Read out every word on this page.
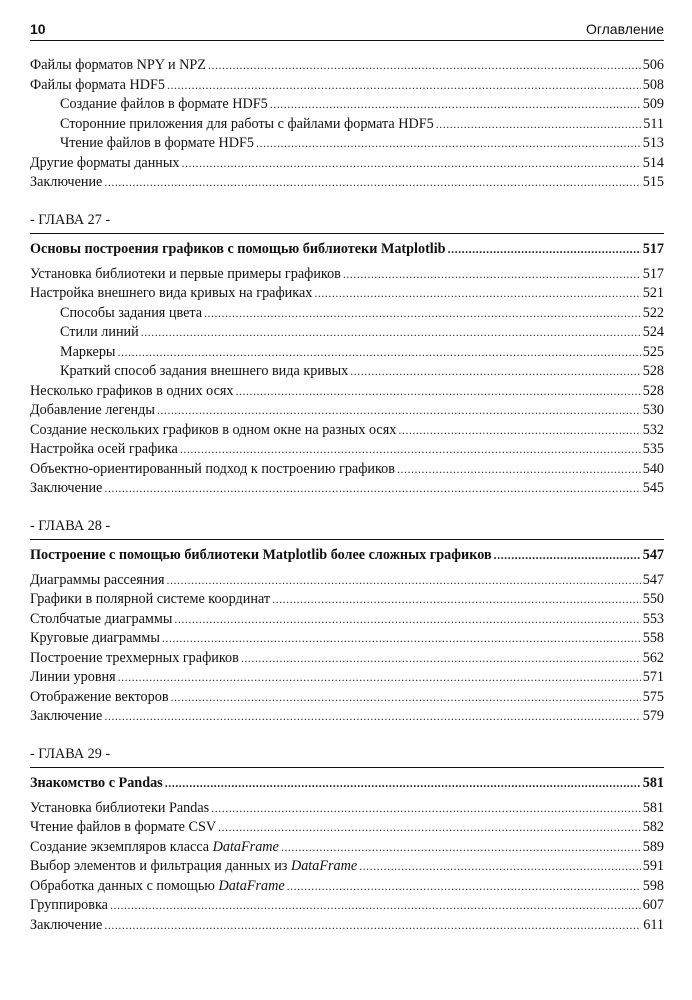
10	Оглавление
Файлы форматов NPY и NPZ .....	506
Файлы формата HDF5 .....	508
Создание файлов в формате HDF5 .....	509
Сторонние приложения для работы с файлами формата HDF5 .....	511
Чтение файлов в формате HDF5 .....	513
Другие форматы данных .....	514
Заключение .....	515
- ГЛАВА 27 -
Основы построения графиков с помощью библиотеки Matplotlib .....	517
Установка библиотеки и первые примеры графиков .....	517
Настройка внешнего вида кривых на графиках .....	521
Способы задания цвета .....	522
Стили линий .....	524
Маркеры .....	525
Краткий способ задания внешнего вида кривых .....	528
Несколько графиков в одних осях .....	528
Добавление легенды .....	530
Создание нескольких графиков в одном окне на разных осях .....	532
Настройка осей графика .....	535
Объектно-ориентированный подход к построению графиков .....	540
Заключение .....	545
- ГЛАВА 28 -
Построение с помощью библиотеки Matplotlib более сложных графиков .....	547
Диаграммы рассеяния .....	547
Графики в полярной системе координат .....	550
Столбчатые диаграммы .....	553
Круговые диаграммы .....	558
Построение трехмерных графиков .....	562
Линии уровня .....	571
Отображение векторов .....	575
Заключение .....	579
- ГЛАВА 29 -
Знакомство с Pandas .....	581
Установка библиотеки Pandas .....	581
Чтение файлов в формате CSV .....	582
Создание экземпляров класса DataFrame .....	589
Выбор элементов и фильтрация данных из DataFrame .....	591
Обработка данных с помощью DataFrame .....	598
Группировка .....	607
Заключение .....	611
